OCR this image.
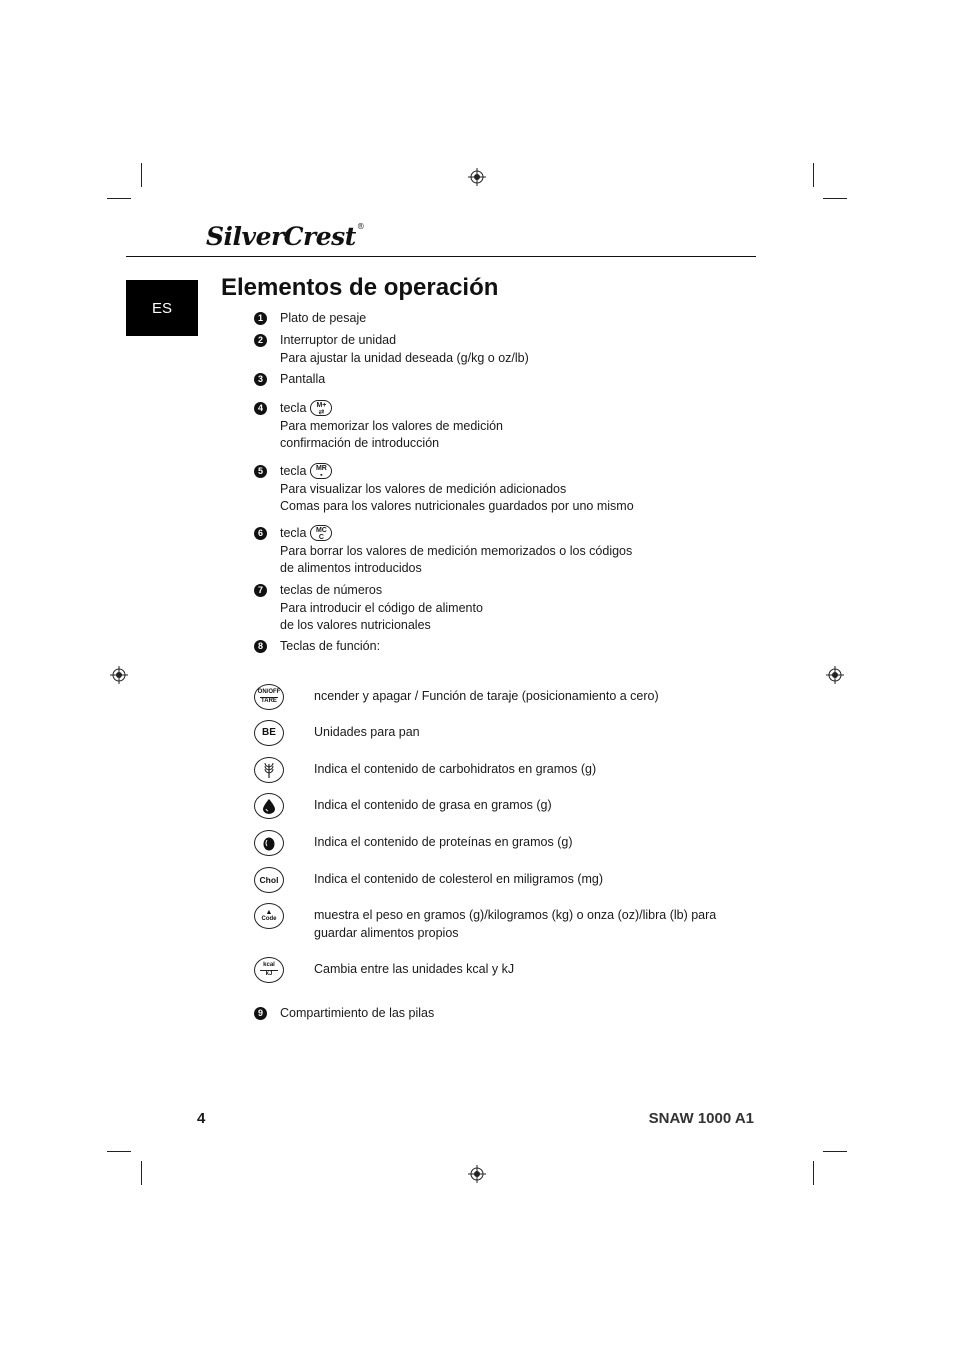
SilverCrest®
ES
Elementos de operación
1	Plato de pesaje
2	Interruptor de unidad
Para ajustar la unidad deseada (g/kg o oz/lb)
3	Pantalla
4	tecla M+
⇄
Para memorizar los valores de medición
confirmación de introducción
5	tecla MR
▪
Para visualizar los valores de medición adicionados
Comas para los valores nutricionales guardados por uno mismo
6	tecla MC
C
Para borrar los valores de medición memorizados o los códigos
de alimentos introducidos
7	teclas de números
Para introducir el código de alimento
de los valores nutricionales
8	Teclas de función:
ON/OFF
TARE	ncender y apagar / Función de taraje (posicionamiento a cero)
BE	Unidades para pan
Indica el contenido de carbohidratos en gramos (g)
Indica el contenido de grasa en gramos (g)
Indica el contenido de proteínas en gramos (g)
Chol	Indica el contenido de colesterol en miligramos (mg)
▲
Code	muestra el peso en gramos (g)/kilogramos (kg) o onza (oz)/libra (lb) para guardar alimentos propios
kcal
kJ	Cambia entre las unidades kcal y kJ
9	Compartimiento de las pilas
4	SNAW 1000 A1
